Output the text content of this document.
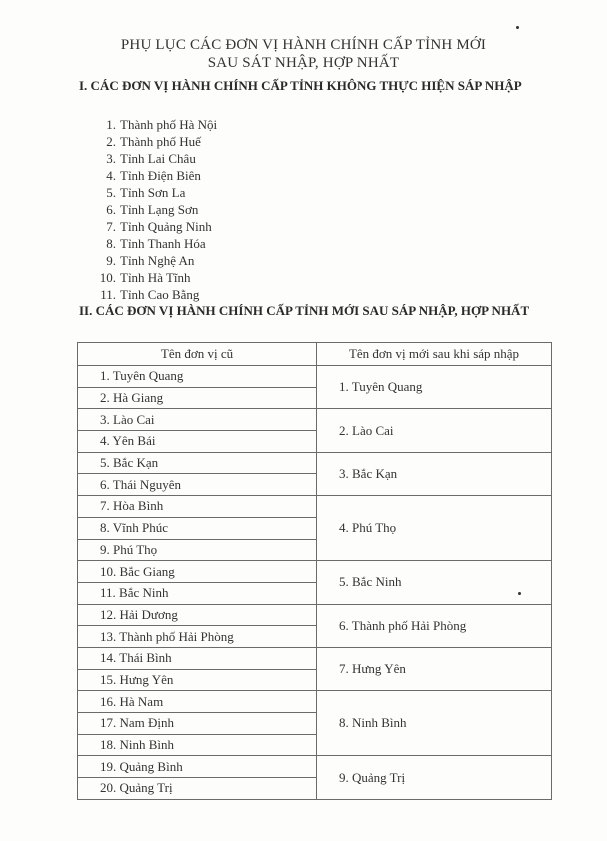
PHỤ LỤC CÁC ĐƠN VỊ HÀNH CHÍNH CẤP TỈNH MỚI
SAU SÁT NHẬP, HỢP NHẤT
I. CÁC ĐƠN VỊ HÀNH CHÍNH CẤP TỈNH KHÔNG THỰC HIỆN SÁP NHẬP
1. Thành phố Hà Nội
2. Thành phố Huế
3. Tỉnh Lai Châu
4. Tỉnh Điện Biên
5. Tỉnh Sơn La
6. Tỉnh Lạng Sơn
7. Tỉnh Quảng Ninh
8. Tỉnh Thanh Hóa
9. Tỉnh Nghệ An
10. Tỉnh Hà Tĩnh
11. Tỉnh Cao Bằng
II. CÁC ĐƠN VỊ HÀNH CHÍNH CẤP TỈNH MỚI SAU SÁP NHẬP, HỢP NHẤT
Tên đơn vị cũ	Tên đơn vị mới sau khi sáp nhập
1. Tuyên Quang	1. Tuyên Quang
2. Hà Giang	
3. Lào Cai	2. Lào Cai
4. Yên Bái	
5. Bắc Kạn	3. Bắc Kạn
6. Thái Nguyên	
7. Hòa Bình	4. Phú Thọ
8. Vĩnh Phúc	
9. Phú Thọ	
10. Bắc Giang	5. Bắc Ninh
11. Bắc Ninh	
12. Hải Dương	6. Thành phố Hải Phòng
13. Thành phố Hải Phòng	
14. Thái Bình	7. Hưng Yên
15. Hưng Yên	
16. Hà Nam	8. Ninh Bình
17. Nam Định	
18. Ninh Bình	
19. Quảng Bình	9. Quảng Trị
20. Quảng Trị	
